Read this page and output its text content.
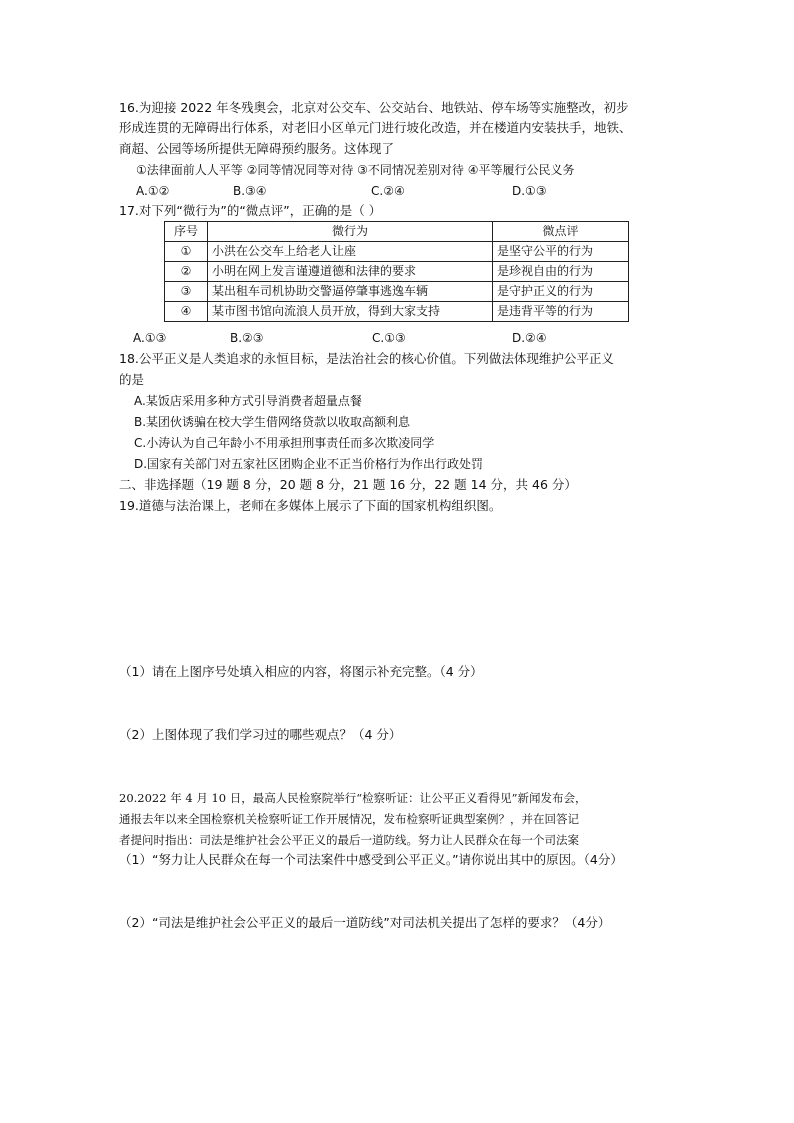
16.为迎接 2022 年冬残奥会，北京对公交车、公交站台、地铁站、停车场等实施整改，初步
形成连贯的无障碍出行体系，对老旧小区单元门进行坡化改造，并在楼道内安装扶手，地铁、
商超、公园等场所提供无障碍预约服务。这体现了
①法律面前人人平等 ②同等情况同等对待 ③不同情况差别对待 ④平等履行公民义务
A.①②	B.③④	C.②④	D.①③
17.对下列“微行为”的“微点评”，正确的是（ ）
序号	微行为	微点评
①	小洪在公交车上给老人让座	是坚守公平的行为
②	小明在网上发言谨遵道德和法律的要求	是珍视自由的行为
③	某出租车司机协助交警逼停肇事逃逸车辆	是守护正义的行为
④	某市图书馆向流浪人员开放，得到大家支持	是违背平等的行为
A.①③	B.②③	C.①③	D.②④
18.公平正义是人类追求的永恒目标，是法治社会的核心价值。下列做法体现维护公平正义
的是
A.某饭店采用多种方式引导消费者超量点餐
B.某团伙诱骗在校大学生借网络贷款以收取高额利息
C.小涛认为自己年龄小不用承担刑事责任而多次欺凌同学
D.国家有关部门对五家社区团购企业不正当价格行为作出行政处罚
二、非选择题（19 题 8 分，20 题 8 分，21 题 16 分，22 题 14 分，共 46 分）
19.道德与法治课上，老师在多媒体上展示了下面的国家机构组织图。
（1）请在上图序号处填入相应的内容，将图示补充完整。（4 分）
（2）上图体现了我们学习过的哪些观点？（4 分）
20.2022 年 4 月 10 日，最高人民检察院举行“检察听证：让公平正义看得见”新闻发布会，
通报去年以来全国检察机关检察听证工作开展情况，发布检察听证典型案例？，并在回答记
者提问时指出：司法是维护社会公平正义的最后一道防线。努力让人民群众在每一个司法案
（1）“努力让人民群众在每一个司法案件中感受到公平正义。”请你说出其中的原因。（4分）
（2）“司法是维护社会公平正义的最后一道防线”对司法机关提出了怎样的要求？（4分）
